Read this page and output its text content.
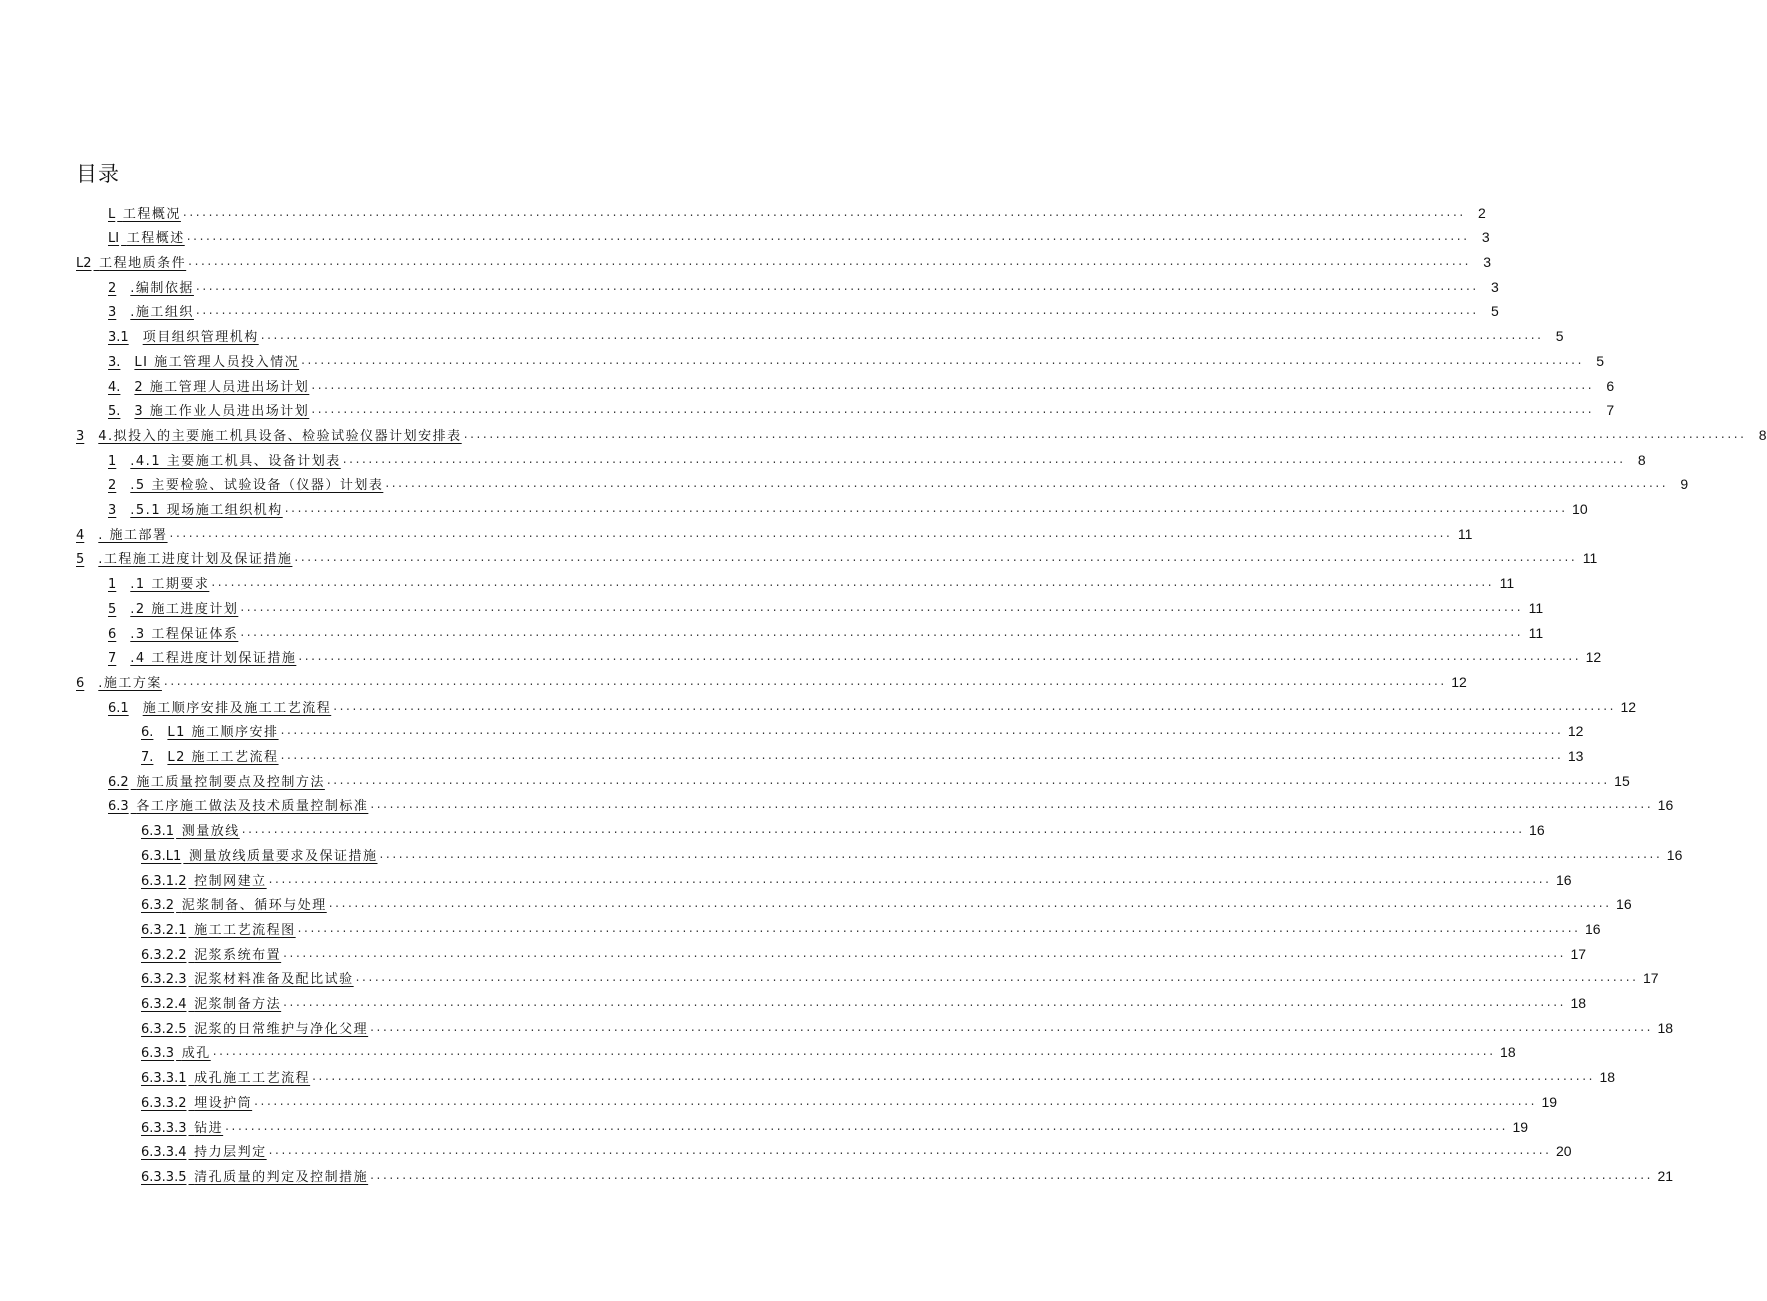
目录
L 工程概况 ........................................................................................................................................................................................................ 2
LI 工程概述 ........................................................................................................................................................................................................ 3
L2 工程地质条件 ........................................................................................................................................................................................................ 3
2 .编制依据 ........................................................................................................................................................................................................ 3
3 .施工组织 ........................................................................................................................................................................................................ 5
3.1 项目组织管理机构 ........................................................................................................................................................................................................ 5
3. LI 施工管理人员投入情况 ........................................................................................................................................................................................................ 5
4. 2 施工管理人员进出场计划 ........................................................................................................................................................................................................ 6
5. 3 施工作业人员进出场计划 ........................................................................................................................................................................................................ 7
3 4.拟投入的主要施工机具设备、检验试验仪器计划安排表 ........................................................................................................................................................................................................ 8
1 .4.1 主要施工机具、设备计划表 ........................................................................................................................................................................................................ 8
2 .5 主要检验、试验设备（仪器）计划表 ........................................................................................................................................................................................................ 9
3 .5.1 现场施工组织机构 ........................................................................................................................................................................................................ 10
4 . 施工部署 ........................................................................................................................................................................................................ 11
5 .工程施工进度计划及保证措施 ........................................................................................................................................................................................................ 11
1 .1 工期要求 ........................................................................................................................................................................................................ 11
5 .2 施工进度计划 ........................................................................................................................................................................................................ 11
6 .3 工程保证体系 ........................................................................................................................................................................................................ 11
7 .4 工程进度计划保证措施 ........................................................................................................................................................................................................ 12
6 .施工方案 ........................................................................................................................................................................................................ 12
6.1 施工顺序安排及施工工艺流程 ........................................................................................................................................................................................................ 12
6. L1 施工顺序安排 ........................................................................................................................................................................................................ 12
7. L2 施工工艺流程 ........................................................................................................................................................................................................ 13
6.2 施工质量控制要点及控制方法 ........................................................................................................................................................................................................ 15
6.3 各工序施工做法及技术质量控制标准 ........................................................................................................................................................................................................ 16
6.3.1 测量放线 ........................................................................................................................................................................................................ 16
6.3.L1 测量放线质量要求及保证措施 ........................................................................................................................................................................................................ 16
6.3.1.2 控制网建立 ........................................................................................................................................................................................................ 16
6.3.2 泥浆制备、循环与处理 ........................................................................................................................................................................................................ 16
6.3.2.1 施工工艺流程图 ........................................................................................................................................................................................................ 16
6.3.2.2 泥浆系统布置 ........................................................................................................................................................................................................ 17
6.3.2.3 泥浆材料准备及配比试验 ........................................................................................................................................................................................................ 17
6.3.2.4 泥浆制备方法 ........................................................................................................................................................................................................ 18
6.3.2.5 泥浆的日常维护与净化父理 ........................................................................................................................................................................................................ 18
6.3.3 成孔 ........................................................................................................................................................................................................ 18
6.3.3.1 成孔施工工艺流程 ........................................................................................................................................................................................................ 18
6.3.3.2 埋设护筒 ........................................................................................................................................................................................................ 19
6.3.3.3 钻进 ........................................................................................................................................................................................................ 19
6.3.3.4 持力层判定 ........................................................................................................................................................................................................ 20
6.3.3.5 清孔质量的判定及控制措施 ........................................................................................................................................................................................................ 21
